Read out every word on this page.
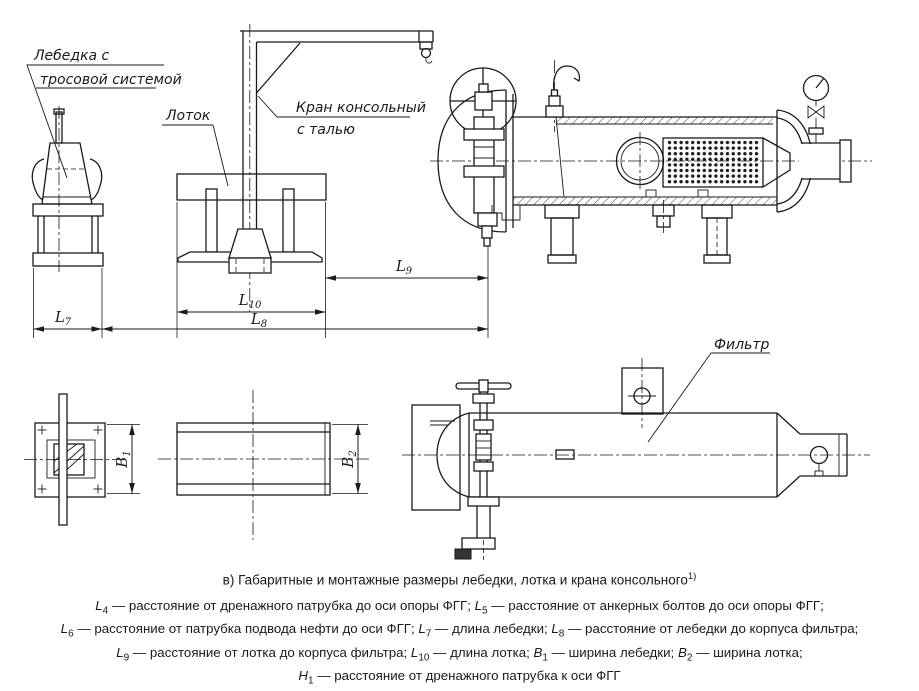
Лебедка с
тросовой системой
Кран консольный
с талью
Лоток
$L_7$	$L_8$
$L_9$
$L_{10}$
Фильтр
$B_1$
$B_2$
в) Габаритные и монтажные размеры лебедки, лотка и крана консольного$^{1)}$
$L_4$ — расстояние от дренажного патрубка до оси опоры ФГГ; $L_5$ — расстояние от анкерных болтов до оси опоры ФГГ;
$L_6$ — расстояние от патрубка подвода нефти до оси ФГГ; $L_7$ — длина лебедки; $L_8$ — расстояние от лебедки до корпуса фильтра;
$L_9$ — расстояние от лотка до корпуса фильтра; $L_{10}$ — длина лотка; $B_1$ — ширина лебедки; $B_2$ — ширина лотка;
$H_1$ — расстояние от дренажного патрубка к оси ФГГ
